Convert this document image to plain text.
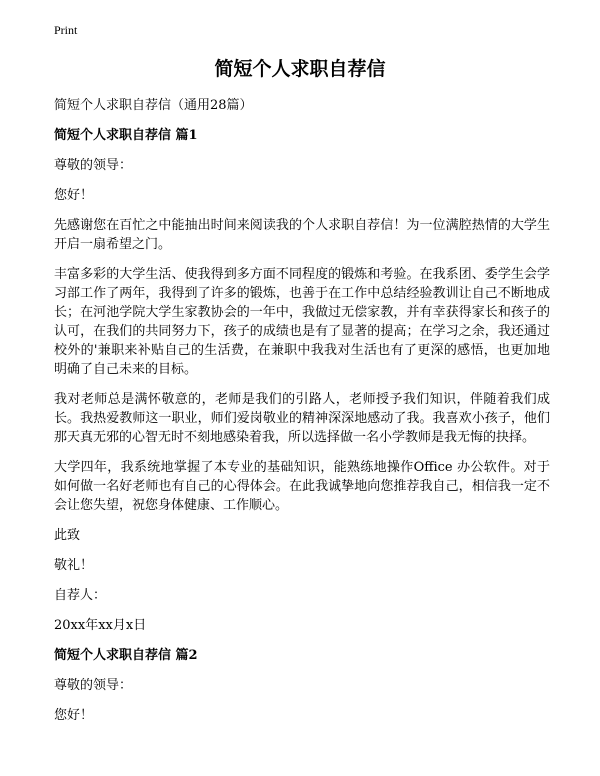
Print
简短个人求职自荐信

简短个人求职自荐信（通用28篇）

简短个人求职自荐信 篇1

尊敬的领导：

您好！

先感谢您在百忙之中能抽出时间来阅读我的个人求职自荐信！为一位满腔热情的大学生开启一扇希望之门。

丰富多彩的大学生活、使我得到多方面不同程度的锻炼和考验。在我系团、委学生会学习部工作了两年，我得到了许多的锻炼，也善于在工作中总结经验教训让自己不断地成长；在河池学院大学生家教协会的一年中，我做过无偿家教，并有幸获得家长和孩子的认可，在我们的共同努力下，孩子的成绩也是有了显著的提高；在学习之余，我还通过校外的'兼职来补贴自己的生活费，在兼职中我我对生活也有了更深的感悟，也更加地明确了自己未来的目标。

我对老师总是满怀敬意的，老师是我们的引路人，老师授予我们知识，伴随着我们成长。我热爱教师这一职业，师们爱岗敬业的精神深深地感动了我。我喜欢小孩子，他们那天真无邪的心智无时不刻地感染着我，所以选择做一名小学教师是我无悔的抉择。

大学四年，我系统地掌握了本专业的基础知识，能熟练地操作Office 办公软件。对于如何做一名好老师也有自己的心得体会。在此我诚挚地向您推荐我自己，相信我一定不会让您失望，祝您身体健康、工作顺心。

此致

敬礼！

自荐人：

20xx年xx月x日

简短个人求职自荐信 篇2

尊敬的领导：

您好！
